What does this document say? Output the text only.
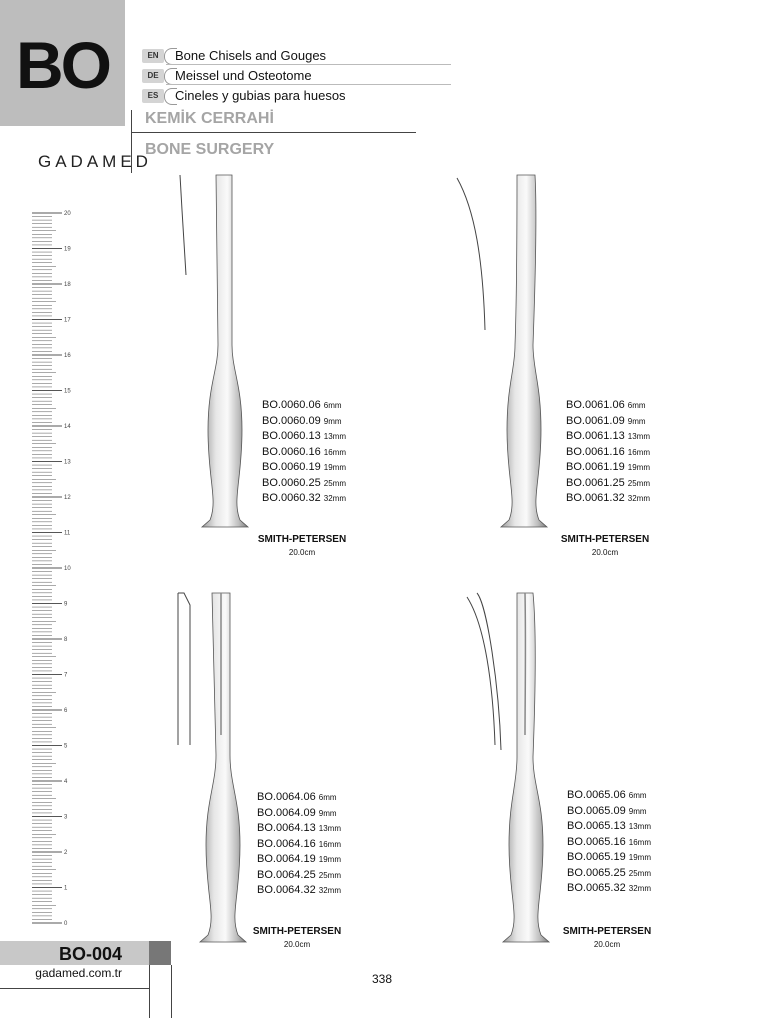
BO	EN	Bone Chisels and Gouges
DE	Meissel und Osteotome
ES	Cineles y gubias para huesos
KEMİK CERRAHİ
BONE SURGERY
GADAMED
20
19
18
17
16
15
14
13
12
11
10
9
8
7
6
5
4
3
2
1
0
BO.0060.06 6mm
BO.0060.09 9mm
BO.0060.13 13mm
BO.0060.16 16mm
BO.0060.19 19mm
BO.0060.25 25mm
BO.0060.32 32mm
SMITH-PETERSEN
20.0cm
BO.0061.06 6mm
BO.0061.09 9mm
BO.0061.13 13mm
BO.0061.16 16mm
BO.0061.19 19mm
BO.0061.25 25mm
BO.0061.32 32mm
SMITH-PETERSEN
20.0cm
BO.0064.06 6mm
BO.0064.09 9mm
BO.0064.13 13mm
BO.0064.16 16mm
BO.0064.19 19mm
BO.0064.25 25mm
BO.0064.32 32mm
SMITH-PETERSEN
20.0cm
BO.0065.06 6mm
BO.0065.09 9mm
BO.0065.13 13mm
BO.0065.16 16mm
BO.0065.19 19mm
BO.0065.25 25mm
BO.0065.32 32mm
SMITH-PETERSEN
20.0cm
BO-004
gadamed.com.tr	338
